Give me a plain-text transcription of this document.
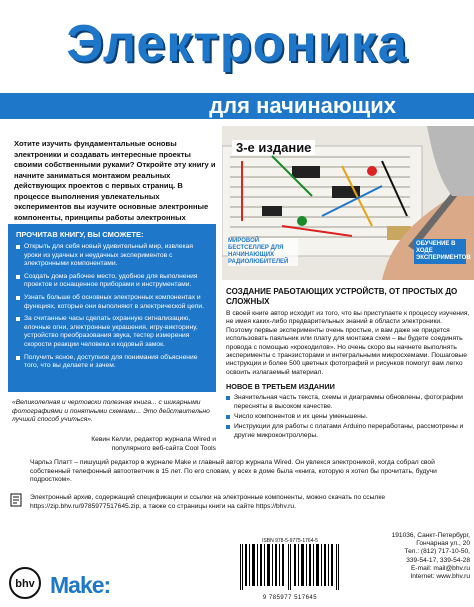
Электроника
для начинающих
3-е издание
МИРОВОЙ БЕСТСЕЛЛЕР ДЛЯ НАЧИНАЮЩИХ РАДИОЛЮБИТЕЛЕЙ
ОБУЧЕНИЕ В ХОДЕ ЭКСПЕРИМЕНТОВ
Хотите изучить фундаментальные основы электроники и создавать интересные проекты своими собственными руками? Откройте эту книгу и начните заниматься монтажом реальных действующих проектов с первых страниц. В процессе выполнения увлекательных экспериментов вы изучите основные электронные компоненты, принципы работы электронных
ПРОЧИТАВ КНИГУ, ВЫ СМОЖЕТЕ:
Открыть для себя новый удивительный мир, извлекая уроки из удачных и неудачных экспериментов с электронными компонентами.
Создать дома рабочее место, удобное для выполнения проектов и оснащенное приборами и инструментами.
Узнать больше об основных электронных компонентах и функциях, которые они выполняют в электрической цепи.
За считанные часы сделать охранную сигнализацию, елочные огни, электронные украшения, игру-викторину, устройство преобразования звука, тестер измерения скорости реакции человека и кодовый замок.
Получить ясное, доступное для понимания объяснение того, что вы делаете и зачем.
СОЗДАНИЕ РАБОТАЮЩИХ УСТРОЙСТВ, ОТ ПРОСТЫХ ДО СЛОЖНЫХ
В своей книге автор исходит из того, что вы приступаете к процессу изучения, не имея каких-либо предварительных знаний в области электроники. Поэтому первые эксперименты очень простые, и вам даже не придется использовать паяльник или плату для монтажа схем – вы будете соединять провода с помощью «крокодилов». Но очень скоро вы начнете выполнять эксперименты с транзисторами и интегральными микросхемами. Пошаговые инструкции и более 500 цветных фотографий и рисунков помогут вам легко освоить излагаемый материал.
НОВОЕ В ТРЕТЬЕМ ИЗДАНИИ
Значительная часть текста, схемы и диаграммы обновлены, фотографии пересняты в высоком качестве.
Число компонентов и их цены уменьшены.
Инструкции для работы с платами Arduino переработаны, рассмотрены и другие микроконтроллеры.
«Великолепная и чертовски полезная книга... с шикарными фотографиями и понятными схемами... Это действительно лучший способ учиться».
Кевин Келли, редактор журнала Wired и популярного веб-сайта Cool Tools
Чарльз Платт – пишущий редактор в журнале Make и главный автор журнала Wired. Он увлекся электроникой, когда собрал свой собственный телефонный автоответчик в 15 лет. По его словам, у всех в доме была «книга, которую я хотел бы прочитать, будучи подростком».
Электронный архив, содержащий спецификации и ссылки на электронные компоненты, можно скачать по ссылке https://zip.bhv.ru/9785977517645.zip, а также со страницы книги на сайте https://bhv.ru.
bhv Make:
ISBN 978-5-9775-1764-5
9 785977 517645
191036, Санкт-Петербург,
Гончарная ул., 20
Тел.: (812) 717-10-50,
339-54-17, 339-54-28
E-mail: mail@bhv.ru
Internet: www.bhv.ru
